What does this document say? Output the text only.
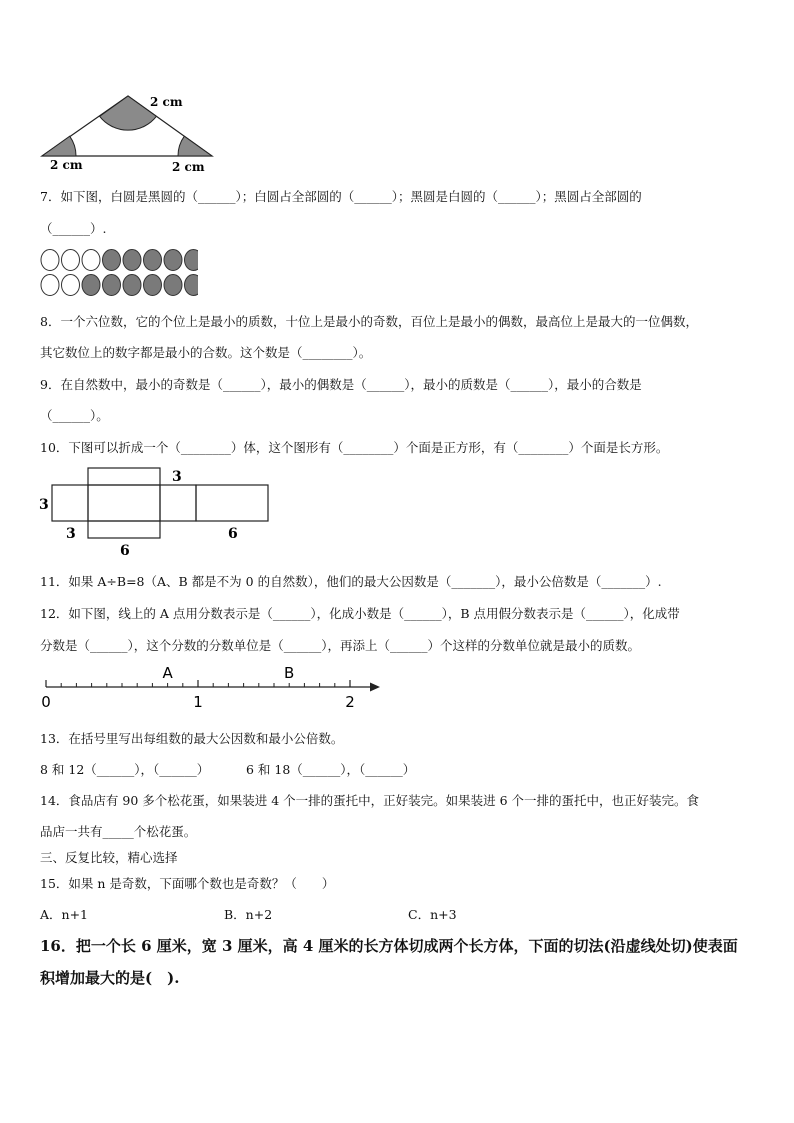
2 cm
2 cm	2 cm
7．如下图，白圆是黑圆的（______）；白圆占全部圆的（______）；黑圆是白圆的（______）；黑圆占全部圆的
（______）.
8．一个六位数，它的个位上是最小的质数，十位上是最小的奇数，百位上是最小的偶数，最高位上是最大的一位偶数，
其它数位上的数字都是最小的合数。这个数是（________）。
9．在自然数中，最小的奇数是（______），最小的偶数是（______），最小的质数是（______），最小的合数是
（______）。
10．下图可以折成一个（________）体，这个图形有（________）个面是正方形，有（________）个面是长方形。
3
3
3
6
6
11．如果 A÷B=8（A、B 都是不为 0 的自然数），他们的最大公因数是（_______），最小公倍数是（_______）.
12．如下图，线上的 A 点用分数表示是（______），化成小数是（______），B 点用假分数表示是（______），化成带
分数是（______），这个分数的分数单位是（______），再添上（______）个这样的分数单位就是最小的质数。
A	B
0	1	2
13．在括号里写出每组数的最大公因数和最小公倍数。
8 和 12（______），（______）	6 和 18（______），（______）
14．食品店有 90 多个松花蛋，如果装进 4 个一排的蛋托中，正好装完。如果装进 6 个一排的蛋托中，也正好装完。食
品店一共有_____个松花蛋。
三、反复比较，精心选择
15．如果 n 是奇数，下面哪个数也是奇数？（　　）
A．n+1	B．n+2	C．n+3
16．把一个长 6 厘米，宽 3 厘米，高 4 厘米的长方体切成两个长方体，下面的切法(沿虚线处切)使表面
积增加最大的是(　).
